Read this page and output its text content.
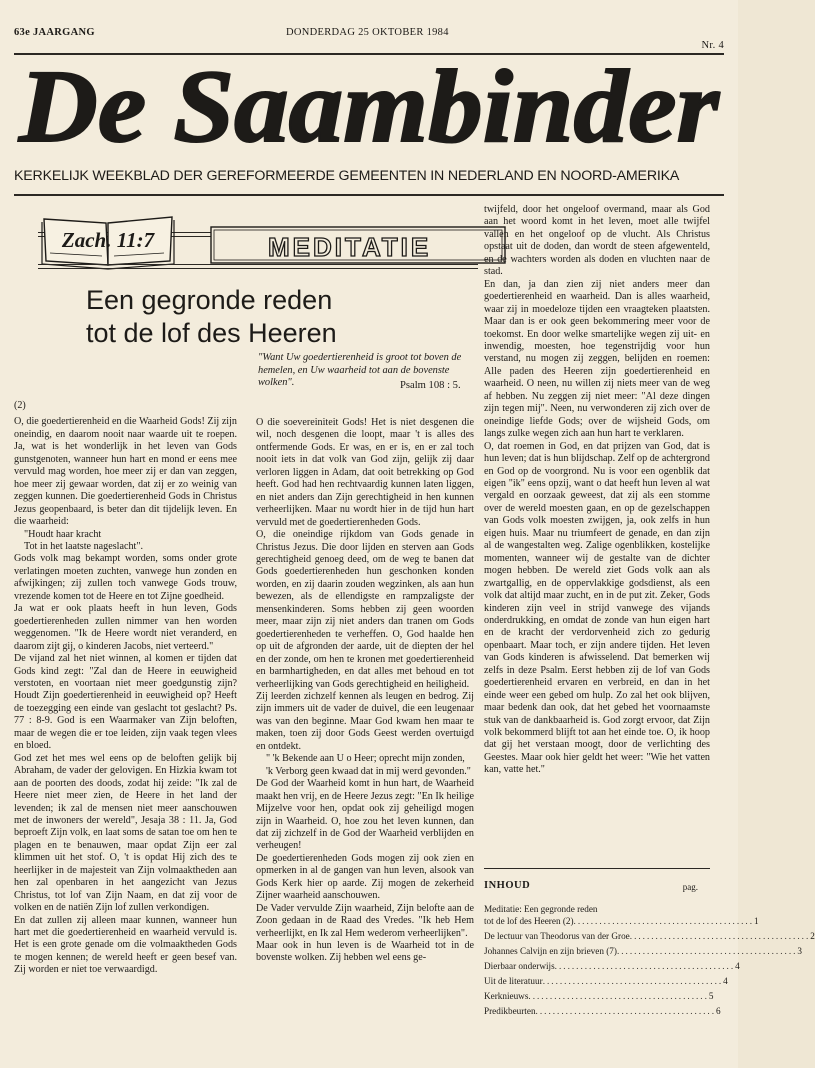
63e JAARGANG	DONDERDAG 25 OKTOBER 1984
Nr. 4
De Saambinder
KERKELIJK WEEKBLAD DER GEREFORMEERDE GEMEENTEN IN NEDERLAND EN NOORD-AMERIKA
Zach. 11:7	MEDITATIE
Een gegronde reden
tot de lof des Heeren
"Want Uw goedertierenheid is groot tot boven de hemelen, en Uw waarheid tot aan de bovenste wolken".	Psalm 108 : 5.

(2)

O, die goedertierenheid en die Waarheid Gods! Zij zijn oneindig, en daarom nooit naar waarde uit te roepen. Ja, wat is het wonderlijk in het leven van Gods gunstgenoten, wanneer hun hart en mond er eens mee vervuld mag worden, hoe meer zij er dan van zeggen, hoe meer zij gewaar worden, dat zij er zo weinig van zeggen kunnen. Die goedertierenheid Gods in Christus Jezus geopenbaard, is beter dan dit tijdelijk leven. En die waarheid:

"Houdt haar kracht

Tot in het laatste nageslacht".

Gods volk mag bekampt worden, soms onder grote verlatingen moeten zuchten, vanwege hun zonden en afwijkingen; zij zullen toch vanwege Gods trouw, vrezende komen tot de Heere en tot Zijne goedheid.

Ja wat er ook plaats heeft in hun leven, Gods goedertierenheden zullen nimmer van hen worden weggenomen. "Ik de Heere wordt niet veranderd, en daarom zijt gij, o kinderen Jacobs, niet verteerd."

De vijand zal het niet winnen, al komen er tijden dat Gods kind zegt: "Zal dan de Heere in eeuwigheid verstoten, en voortaan niet meer goedgunstig zijn? Houdt Zijn goedertierenheid in eeuwigheid op? Heeft de toezegging een einde van geslacht tot geslacht? Ps. 77 : 8-9. God is een Waarmaker van Zijn beloften, maar de wegen die er toe leiden, zijn vaak tegen vlees en bloed.

God zet het mes wel eens op de beloften gelijk bij Abraham, de vader der gelovigen. En Hizkia kwam tot aan de poorten des doods, zodat hij zeide: "Ik zal de Heere niet meer zien, de Heere in het land der levenden; ik zal de mensen niet meer aanschouwen met de inwoners der wereld", Jesaja 38 : 11. Ja, God beproeft Zijn volk, en laat soms de satan toe om hen te plagen en te benauwen, maar opdat Zijn eer zal klimmen uit het stof. O, 't is opdat Hij zich des te heerlijker in de majesteit van Zijn volmaaktheden aan hen zal openbaren in het aangezicht van Jezus Christus, tot lof van Zijn Naam, en dat zij voor de volken en de natiën Zijn lof zullen verkondigen.

En dat zullen zij alleen maar kunnen, wanneer hun hart met die goedertierenheid en waarheid vervuld is. Het is een grote genade om die volmaaktheden Gods te mogen kennen; de wereld heeft er geen besef van. Zij worden er niet toe verwaardigd.

O die soevereiniteit Gods! Het is niet desgenen die wil, noch desgenen die loopt, maar 't is alles des ontfermende Gods. Er was, en er is, en er zal toch nooit iets in dat volk van God zijn, gelijk zij daar verloren liggen in Adam, dat ooit betrekking op God heeft. God had hen rechtvaardig kunnen laten liggen, en niet anders dan Zijn gerechtigheid in hen kunnen verheerlijken. Maar nu wordt hier in de tijd hun hart vervuld met de goedertierenheden Gods.

O, die oneindige rijkdom van Gods genade in Christus Jezus. Die door lijden en sterven aan Gods gerechtigheid genoeg deed, om de weg te banen dat Gods goedertierenheden hun geschonken konden worden, en zij daarin zouden wegzinken, als aan hun bewezen, als de ellendigste en rampzaligste der mensenkinderen. Soms hebben zij geen woorden meer, maar zijn zij niet anders dan tranen om Gods goedertierenheden te verheffen. O, God haalde hen op uit de afgronden der aarde, uit de diepten der hel en der zonde, om hen te kronen met goedertierenheid en barmhartigheden, en dat alles met behoud en tot verheerlijking van Gods gerechtigheid en heiligheid.

Zij leerden zichzelf kennen als leugen en bedrog. Zij zijn immers uit de vader de duivel, die een leugenaar was van den beginne. Maar God kwam hen maar te maken, toen zij door Gods Geest werden overtuigd en ontdekt.

" 'k Bekende aan U o Heer; oprecht mijn zonden,

'k Verborg geen kwaad dat in mij werd gevonden."

De God der Waarheid komt in hun hart, de Waarheid maakt hen vrij, en de Heere Jezus zegt: "En Ik heilige Mijzelve voor hen, opdat ook zij geheiligd mogen zijn in Waarheid. O, hoe zou het leven kunnen, dan dat zij zichzelf in de God der Waarheid verblijden en verheugen!

De goedertierenheden Gods mogen zij ook zien en opmerken in al de gangen van hun leven, alsook van Gods Kerk hier op aarde. Zij mogen de zekerheid Zijner waarheid aanschouwen.

De Vader vervulde Zijn waarheid, Zijn belofte aan de Zoon gedaan in de Raad des Vredes. "Ik heb Hem verheerlijkt, en Ik zal Hem wederom verheerlijken".

Maar ook in hun leven is de Waarheid tot in de bovenste wolken. Zij hebben wel eens ge-

twijfeld, door het ongeloof overmand, maar als God aan het woord komt in het leven, moet alle twijfel vallen en het ongeloof op de vlucht. Als Christus opstaat uit de doden, dan wordt de steen afgewenteld, en de wachters worden als doden en vluchten naar de stad.

En dan, ja dan zien zij niet anders meer dan goedertierenheid en waarheid. Dan is alles waarheid, waar zij in moedeloze tijden een vraagteken plaatsten. Maar dan is er ook geen bekommering meer voor de toekomst. En door welke smartelijke wegen zij uit- en inwendig, moesten, hoe tegenstrijdig voor hun verstand, nu mogen zij zeggen, belijden en roemen: Alle paden des Heeren zijn goedertierenheid en waarheid. O neen, nu willen zij niets meer van de weg af hebben. Nu zeggen zij niet meer: "Al deze dingen zijn tegen mij". Neen, nu verwonderen zij zich over de oneindige liefde Gods; over de wijsheid Gods, om langs zulke wegen zich aan hun hart te verklaren.

O, dat roemen in God, en dat prijzen van God, dat is hun leven; dat is hun blijdschap. Zelf op de achtergrond en God op de voorgrond. Nu is voor een ogenblik dat eigen "ik" eens opzij, want o dat heeft hun leven al wat vergald en oorzaak geweest, dat zij als een stomme over de wereld moesten gaan, en op de gezelschappen van Gods volk moesten zwijgen, ja, ook zelfs in hun eigen huis. Maar nu triumfeert de genade, en dan zijn al de wangestalten weg. Zalige ogenblikken, kostelijke momenten, wanneer wij de gestalte van de dichter mogen hebben. De wereld ziet Gods volk aan als zwartgallig, en de oppervlakkige godsdienst, als een volk dat altijd maar zucht, en in de put zit. Zeker, Gods kinderen zijn veel in strijd vanwege des vijands onderdrukking, en omdat de zonde van hun eigen hart en de kracht der verdorvenheid zich zo gedurig openbaart. Maar toch, er zijn andere tijden. Het leven van Gods kinderen is afwisselend. Dat bemerken wij zelfs in deze Psalm. Eerst hebben zij de lof van Gods goedertierenheid ervaren en verbreid, en dan in het einde weer een gebed om hulp. Zo zal het ook blijven, maar bedenk dan ook, dat het gebed het voornaamste stuk van de dankbaarheid is. God zorgt ervoor, dat Zijn volk bekommerd blijft tot aan het einde toe. O, ik hoop dat gij het verstaan moogt, door de verlichting des Geestes. Maar ook hier geldt het weer: "Wie het vatten kan, vatte het."

INHOUD	pag.
Meditatie: Een gegronde reden
tot de lof des Heeren (2) .......................................... 1
De lectuur van Theodorus van der Groe .......................................... 2
Johannes Calvijn en zijn brieven (7) .......................................... 3
Dierbaar onderwijs .......................................... 4
Uit de literatuur .......................................... 4
Kerknieuws .......................................... 5
Predikbeurten .......................................... 6
